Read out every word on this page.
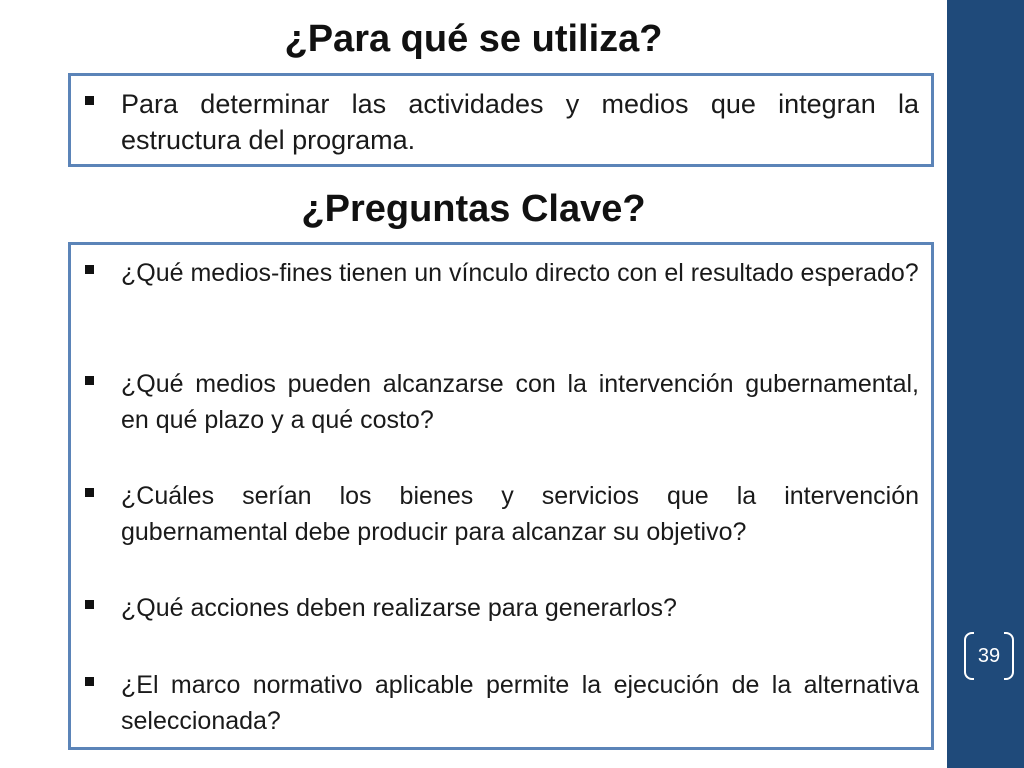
39
¿Para qué se utiliza?
Para determinar las actividades y medios que integran la estructura del programa.
¿Preguntas Clave?
¿Qué medios-fines tienen un vínculo directo con el resultado esperado?
¿Qué medios pueden alcanzarse con la intervención gubernamental, en qué plazo y a qué costo?
¿Cuáles serían los bienes y servicios que la intervención gubernamental debe producir para alcanzar su objetivo?
¿Qué acciones deben realizarse para generarlos?
¿El marco normativo aplicable permite la ejecución de la alternativa seleccionada?
